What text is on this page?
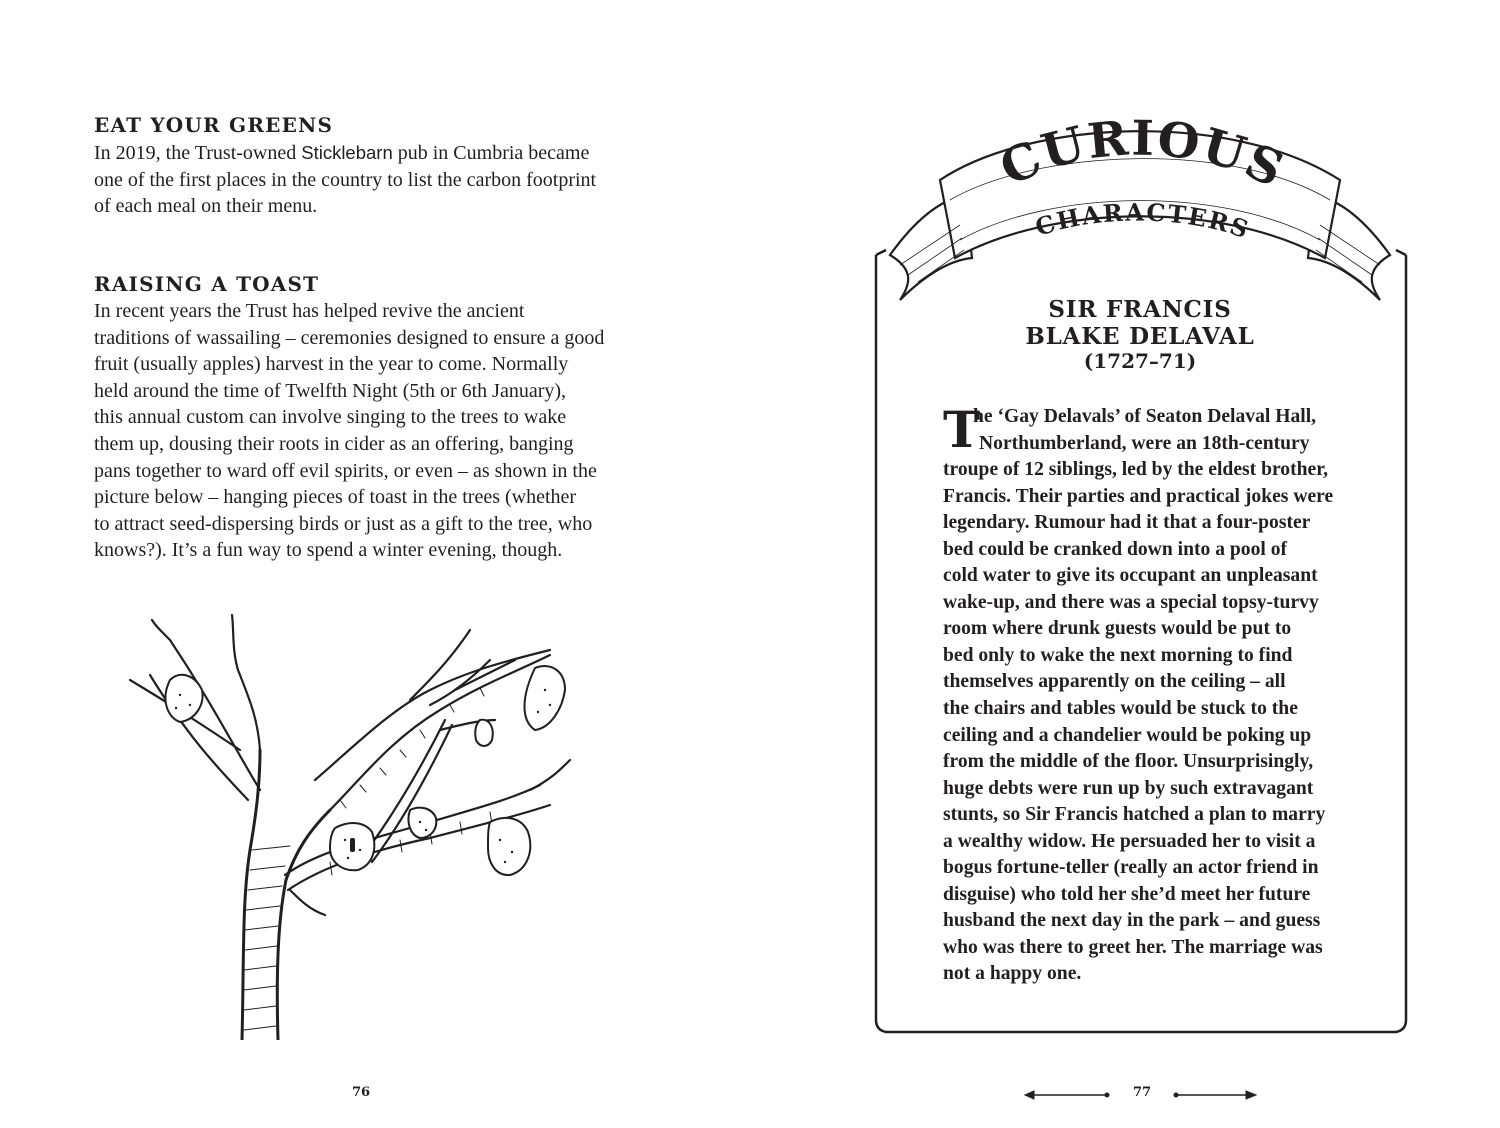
EAT YOUR GREENS

In 2019, the Trust-owned Sticklebarn pub in Cumbria became
one of the first places in the country to list the carbon footprint
of each meal on their menu.

RAISING A TOAST

In recent years the Trust has helped revive the ancient
traditions of wassailing – ceremonies designed to ensure a good
fruit (usually apples) harvest in the year to come. Normally
held around the time of Twelfth Night (5th or 6th January),
this annual custom can involve singing to the trees to wake
them up, dousing their roots in cider as an offering, banging
pans together to ward off evil spirits, or even – as shown in the
picture below – hanging pieces of toast in the trees (whether
to attract seed-dispersing birds or just as a gift to the tree, who
knows?). It’s a fun way to spend a winter evening, though.

76
CURIOUS
CHARACTERS
SIR FRANCIS
BLAKE DELAVAL

(1727–71)

T

he ‘Gay Delavals’ of Seaton Delaval Hall,
Northumberland, were an 18th-century
troupe of 12 siblings, led by the eldest brother,
Francis. Their parties and practical jokes were
legendary. Rumour had it that a four-poster
bed could be cranked down into a pool of
cold water to give its occupant an unpleasant
wake-up, and there was a special topsy-turvy
room where drunk guests would be put to
bed only to wake the next morning to find
themselves apparently on the ceiling – all
the chairs and tables would be stuck to the
ceiling and a chandelier would be poking up
from the middle of the floor. Unsurprisingly,
huge debts were run up by such extravagant
stunts, so Sir Francis hatched a plan to marry
a wealthy widow. He persuaded her to visit a
bogus fortune-teller (really an actor friend in
disguise) who told her she’d meet her future
husband the next day in the park – and guess
who was there to greet her. The marriage was
not a happy one.

77
